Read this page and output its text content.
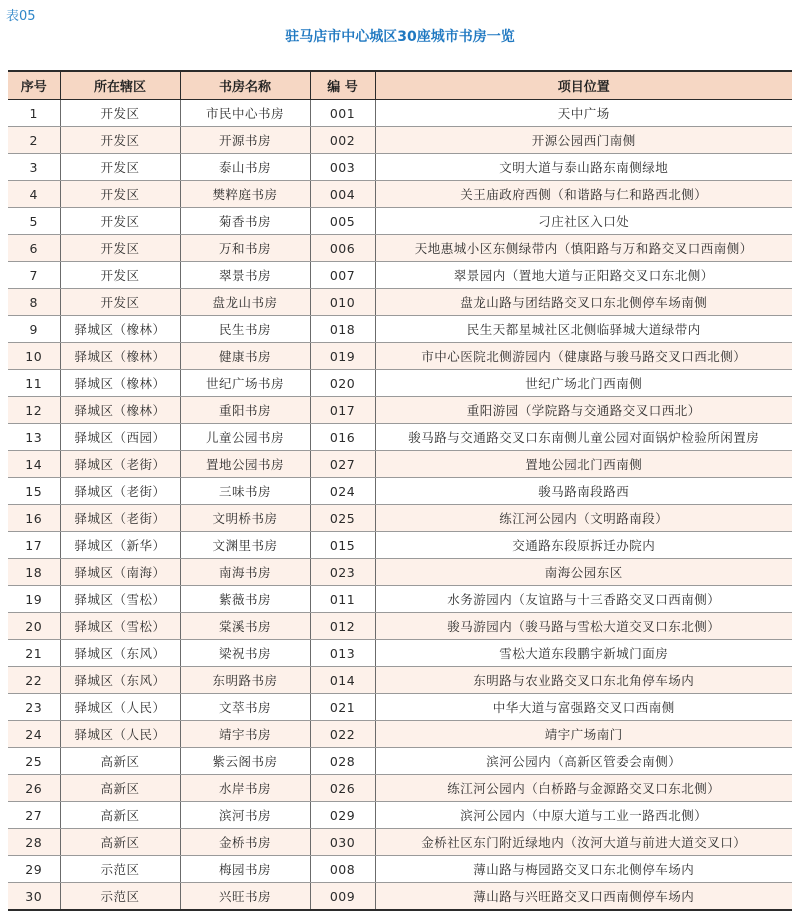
表05
驻马店市中心城区30座城市书房一览
序号	所在辖区	书房名称	编 号	项目位置
1	开发区	市民中心书房	001	天中广场
2	开发区	开源书房	002	开源公园西门南侧
3	开发区	泰山书房	003	文明大道与泰山路东南侧绿地
4	开发区	樊粹庭书房	004	关王庙政府西侧（和谐路与仁和路西北侧）
5	开发区	菊香书房	005	刁庄社区入口处
6	开发区	万和书房	006	天地惠城小区东侧绿带内（慎阳路与万和路交叉口西南侧）
7	开发区	翠景书房	007	翠景园内（置地大道与正阳路交叉口东北侧）
8	开发区	盘龙山书房	010	盘龙山路与团结路交叉口东北侧停车场南侧
9	驿城区（橡林）	民生书房	018	民生天都星城社区北侧临驿城大道绿带内
10	驿城区（橡林）	健康书房	019	市中心医院北侧游园内（健康路与骏马路交叉口西北侧）
11	驿城区（橡林）	世纪广场书房	020	世纪广场北门西南侧
12	驿城区（橡林）	重阳书房	017	重阳游园（学院路与交通路交叉口西北）
13	驿城区（西园）	儿童公园书房	016	骏马路与交通路交叉口东南侧儿童公园对面锅炉检验所闲置房
14	驿城区（老街）	置地公园书房	027	置地公园北门西南侧
15	驿城区（老街）	三味书房	024	骏马路南段路西
16	驿城区（老街）	文明桥书房	025	练江河公园内（文明路南段）
17	驿城区（新华）	文渊里书房	015	交通路东段原拆迁办院内
18	驿城区（南海）	南海书房	023	南海公园东区
19	驿城区（雪松）	紫薇书房	011	水务游园内（友谊路与十三香路交叉口西南侧）
20	驿城区（雪松）	棠溪书房	012	骏马游园内（骏马路与雪松大道交叉口东北侧）
21	驿城区（东风）	梁祝书房	013	雪松大道东段鹏宇新城门面房
22	驿城区（东风）	东明路书房	014	东明路与农业路交叉口东北角停车场内
23	驿城区（人民）	文萃书房	021	中华大道与富强路交叉口西南侧
24	驿城区（人民）	靖宇书房	022	靖宇广场南门
25	高新区	紫云阁书房	028	滨河公园内（高新区管委会南侧）
26	高新区	水岸书房	026	练江河公园内（白桥路与金源路交叉口东北侧）
27	高新区	滨河书房	029	滨河公园内（中原大道与工业一路西北侧）
28	高新区	金桥书房	030	金桥社区东门附近绿地内（汝河大道与前进大道交叉口）
29	示范区	梅园书房	008	薄山路与梅园路交叉口东北侧停车场内
30	示范区	兴旺书房	009	薄山路与兴旺路交叉口西南侧停车场内
